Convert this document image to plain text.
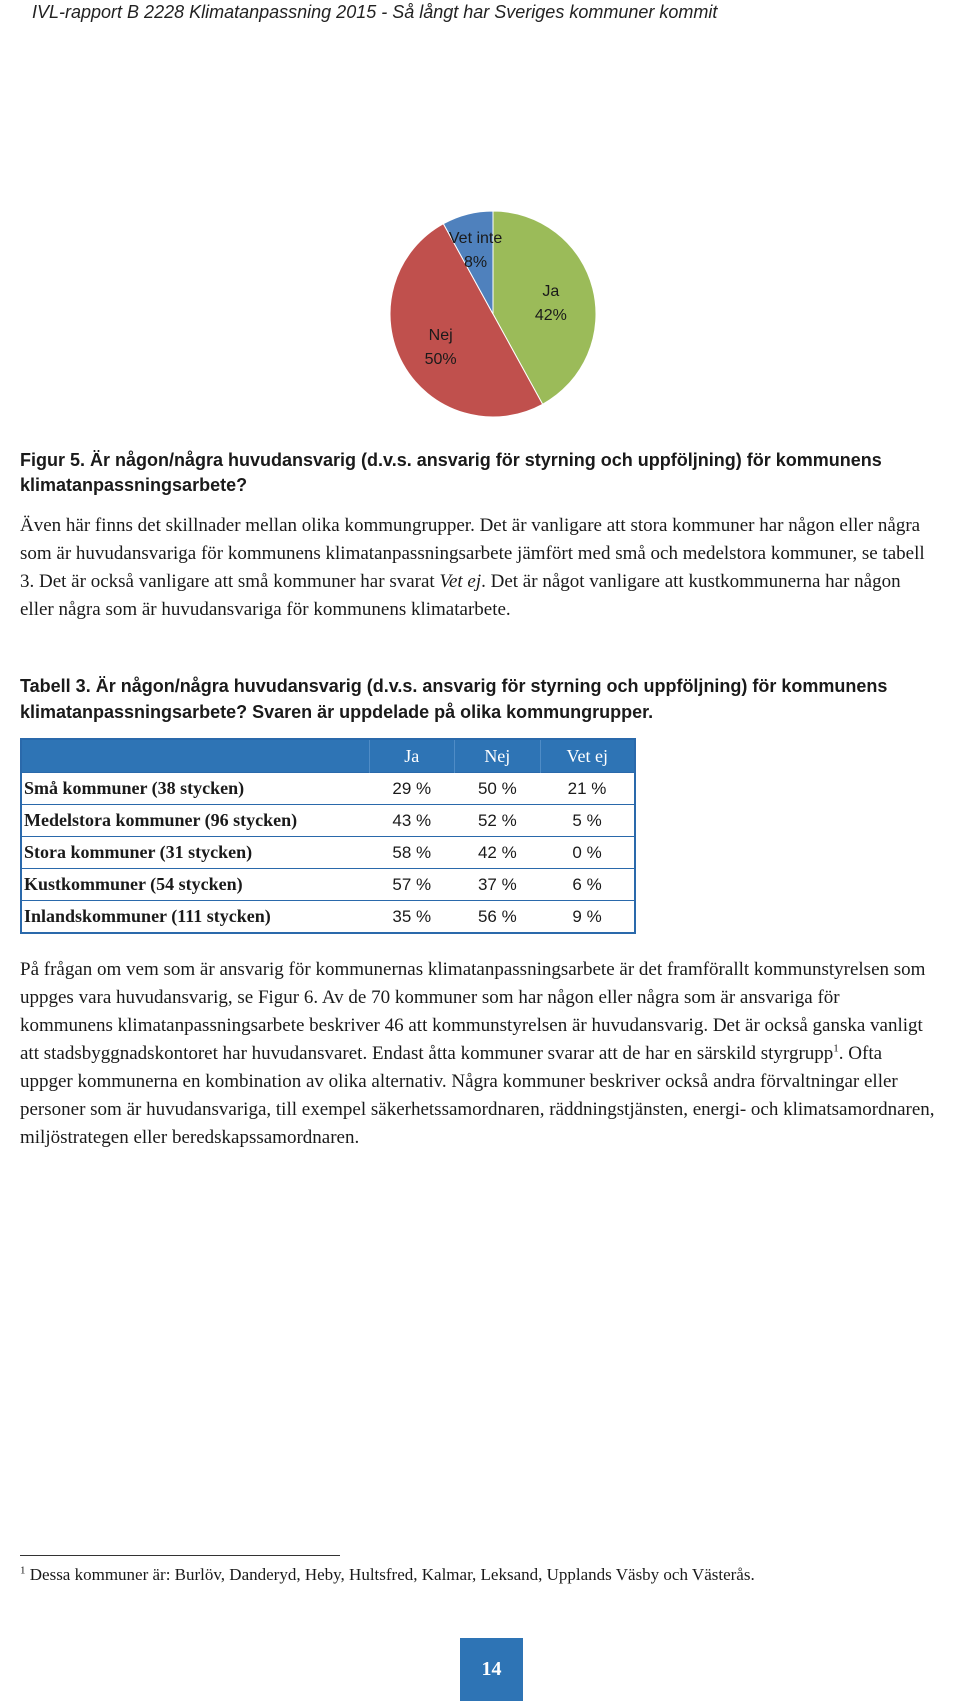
IVL-rapport B 2228 Klimatanpassning 2015 - Så långt har Sveriges kommuner kommit
Ja
42%
Nej
50%
Vet inte
8%

Figur 5. Är någon/några huvudansvarig (d.v.s. ansvarig för styrning och uppföljning) för kommunens klimatanpassningsarbete?

Även här finns det skillnader mellan olika kommungrupper. Det är vanligare att stora kommuner har någon eller några som är huvudansvariga för kommunens klimatanpassningsarbete jämfört med små och medelstora kommuner, se tabell 3. Det är också vanligare att små kommuner har svarat Vet ej. Det är något vanligare att kustkommunerna har någon eller några som är huvudansvariga för kommunens klimatarbete.

Tabell 3. Är någon/några huvudansvarig (d.v.s. ansvarig för styrning och uppföljning) för kommunens klimatanpassningsarbete? Svaren är uppdelade på olika kommungrupper.

	Ja	Nej	Vet ej
Små kommuner (38 stycken)	29 %	50 %	21 %
Medelstora kommuner (96 stycken)	43 %	52 %	5 %
Stora kommuner (31 stycken)	58 %	42 %	0 %
Kustkommuner (54 stycken)	57 %	37 %	6 %
Inlandskommuner (111 stycken)	35 %	56 %	9 %

På frågan om vem som är ansvarig för kommunernas klimatanpassningsarbete är det framförallt kommunstyrelsen som uppges vara huvudansvarig, se Figur 6. Av de 70 kommuner som har någon eller några som är ansvariga för kommunens klimatanpassningsarbete beskriver 46 att kommunstyrelsen är huvudansvarig. Det är också ganska vanligt att stadsbyggnadskontoret har huvudansvaret. Endast åtta kommuner svarar att de har en särskild styrgrupp$^1$. Ofta uppger kommunerna en kombination av olika alternativ. Några kommuner beskriver också andra förvaltningar eller personer som är huvudansvariga, till exempel säkerhetssamordnaren, räddningstjänsten, energi- och klimatsamordnaren, miljöstrategen eller beredskapssamordnaren.

$^1$ Dessa kommuner är: Burlöv, Danderyd, Heby, Hultsfred, Kalmar, Leksand, Upplands Väsby och Västerås.

14
